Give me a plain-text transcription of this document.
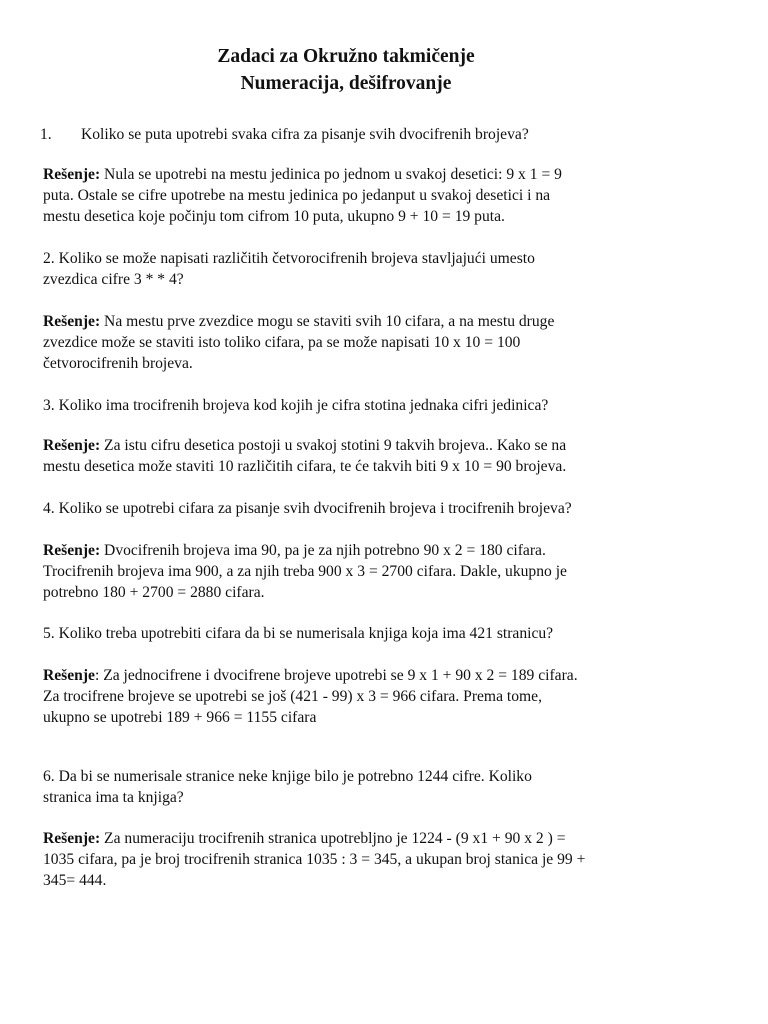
Zadaci za Okružno takmičenje
Numeracija, dešifrovanje

1. Koliko se puta upotrebi svaka cifra za pisanje svih dvocifrenih brojeva?

Rešenje: Nula se upotrebi na mestu jedinica po jednom u svakoj desetici: 9 x 1 = 9
puta. Ostale se cifre upotrebe na mestu jedinica po jedanput u svakoj desetici i na
mestu desetica koje počinju tom cifrom 10 puta, ukupno 9 + 10 = 19 puta.

2. Koliko se može napisati različitih četvorocifrenih brojeva stavljajući umesto
zvezdica cifre 3 * * 4?

Rešenje: Na mestu prve zvezdice mogu se staviti svih 10 cifara, a na mestu druge
zvezdice može se staviti isto toliko cifara, pa se može napisati 10 x 10 = 100
četvorocifrenih brojeva.

3. Koliko ima trocifrenih brojeva kod kojih je cifra stotina jednaka cifri jedinica?

Rešenje: Za istu cifru desetica postoji u svakoj stotini 9 takvih brojeva.. Kako se na
mestu desetica može staviti 10 različitih cifara, te će takvih biti 9 x 10 = 90 brojeva.

4. Koliko se upotrebi cifara za pisanje svih dvocifrenih brojeva i trocifrenih brojeva?

Rešenje: Dvocifrenih brojeva ima 90, pa je za njih potrebno 90 x 2 = 180 cifara.
Trocifrenih brojeva ima 900, a za njih treba 900 x 3 = 2700 cifara. Dakle, ukupno je
potrebno 180 + 2700 = 2880 cifara.

5. Koliko treba upotrebiti cifara da bi se numerisala knjiga koja ima 421 stranicu?

Rešenje: Za jednocifrene i dvocifrene brojeve upotrebi se 9 x 1 + 90 x 2 = 189 cifara.
Za trocifrene brojeve se upotrebi se još (421 - 99) x 3 = 966 cifara. Prema tome,
ukupno se upotrebi 189 + 966 = 1155 cifara

6. Da bi se numerisale stranice neke knjige bilo je potrebno 1244 cifre. Koliko
stranica ima ta knjiga?

Rešenje: Za numeraciju trocifrenih stranica upotrebljno je 1224 - (9 x1 + 90 x 2 ) =
1035 cifara, pa je broj trocifrenih stranica 1035 : 3 = 345, a ukupan broj stanica je 99 +
345= 444.
